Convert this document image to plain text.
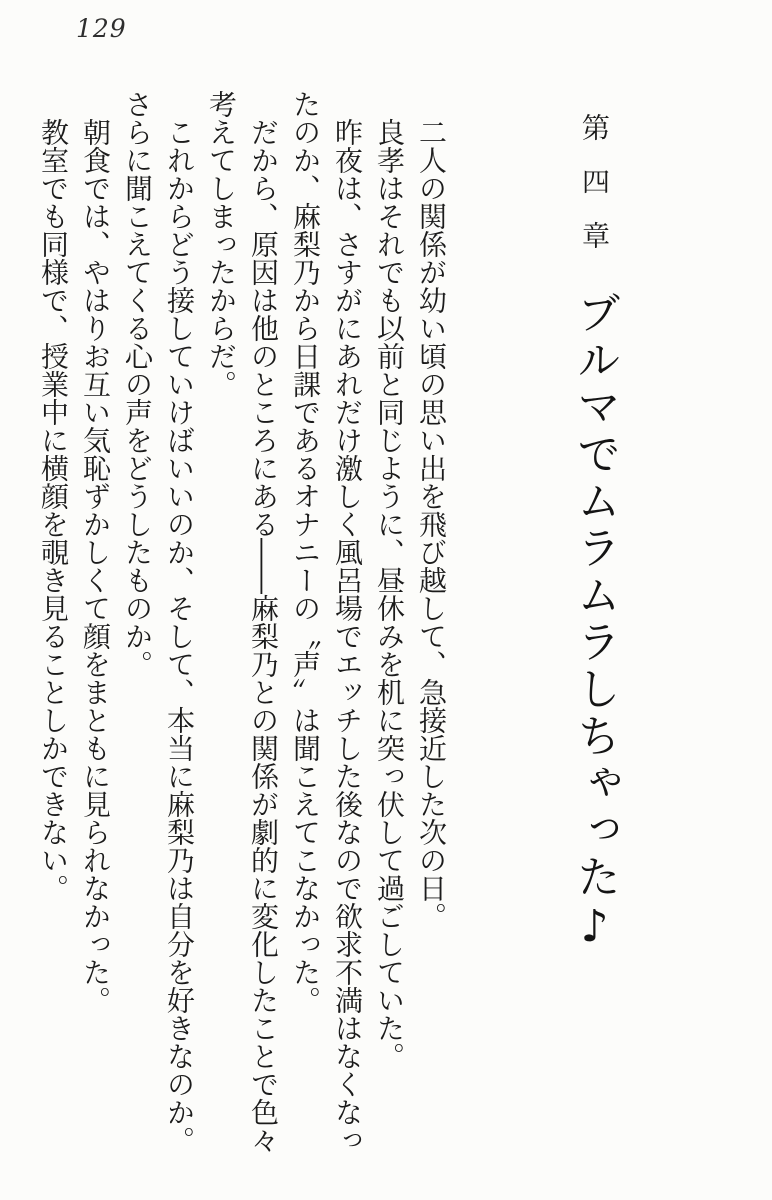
129
第四章ブルマでムラムラしちゃった♪

二人の関係が幼い頃の思い出を飛び越して、急接近した次の日。

良孝はそれでも以前と同じように、昼休みを机に突っ伏して過ごしていた。

昨夜は、さすがにあれだけ激しく風呂場でエッチした後なので欲求不満はなくなったのか、麻梨乃から日課であるオナニーの〝声〟は聞こえてこなかった。

だから、原因は他のところにある――麻梨乃との関係が劇的に変化したことで色々考えてしまったからだ。

これからどう接していけばいいのか、そして、本当に麻梨乃は自分を好きなのか。さらに聞こえてくる心の声をどうしたものか。

朝食では、やはりお互い気恥ずかしくて顔をまともに見られなかった。

教室でも同様で、授業中に横顔を覗き見ることしかできない。
